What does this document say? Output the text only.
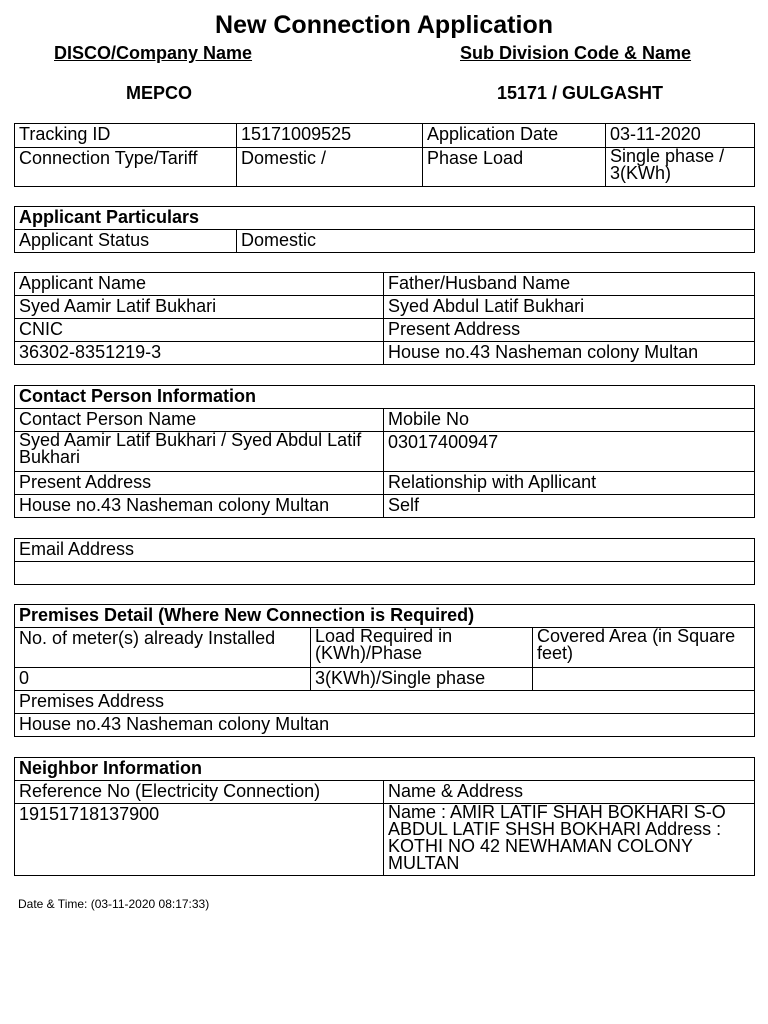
New Connection Application
DISCO/Company Name	Sub Division Code & Name
MEPCO	15171 / GULGASHT
Tracking ID	15171009525	Application Date	03-11-2020
Connection Type/Tariff	Domestic /	Phase Load	Single phase / 3(KWh)
Applicant Particulars
Applicant Status	Domestic
Applicant Name	Father/Husband Name
Syed Aamir Latif Bukhari	Syed Abdul Latif Bukhari
CNIC	Present Address
36302-8351219-3	House no.43 Nasheman colony Multan
Contact Person Information	
Contact Person Name	Mobile No
Syed Aamir Latif Bukhari / Syed Abdul Latif Bukhari	03017400947
Present Address	Relationship with Apllicant
House no.43 Nasheman colony Multan	Self
Email Address

Premises Detail (Where New Connection is Required)		
No. of meter(s) already Installed	Load Required in (KWh)/Phase	Covered Area (in Square feet)
0	3(KWh)/Single phase	
Premises Address		
House no.43 Nasheman colony Multan		
Neighbor Information	
Reference No (Electricity Connection)	Name & Address
19151718137900	Name : AMIR LATIF SHAH BOKHARI S-O ABDUL LATIF SHSH BOKHARI Address : KOTHI NO 42 NEWHAMAN COLONY MULTAN
Date & Time: (03-11-2020 08:17:33)
